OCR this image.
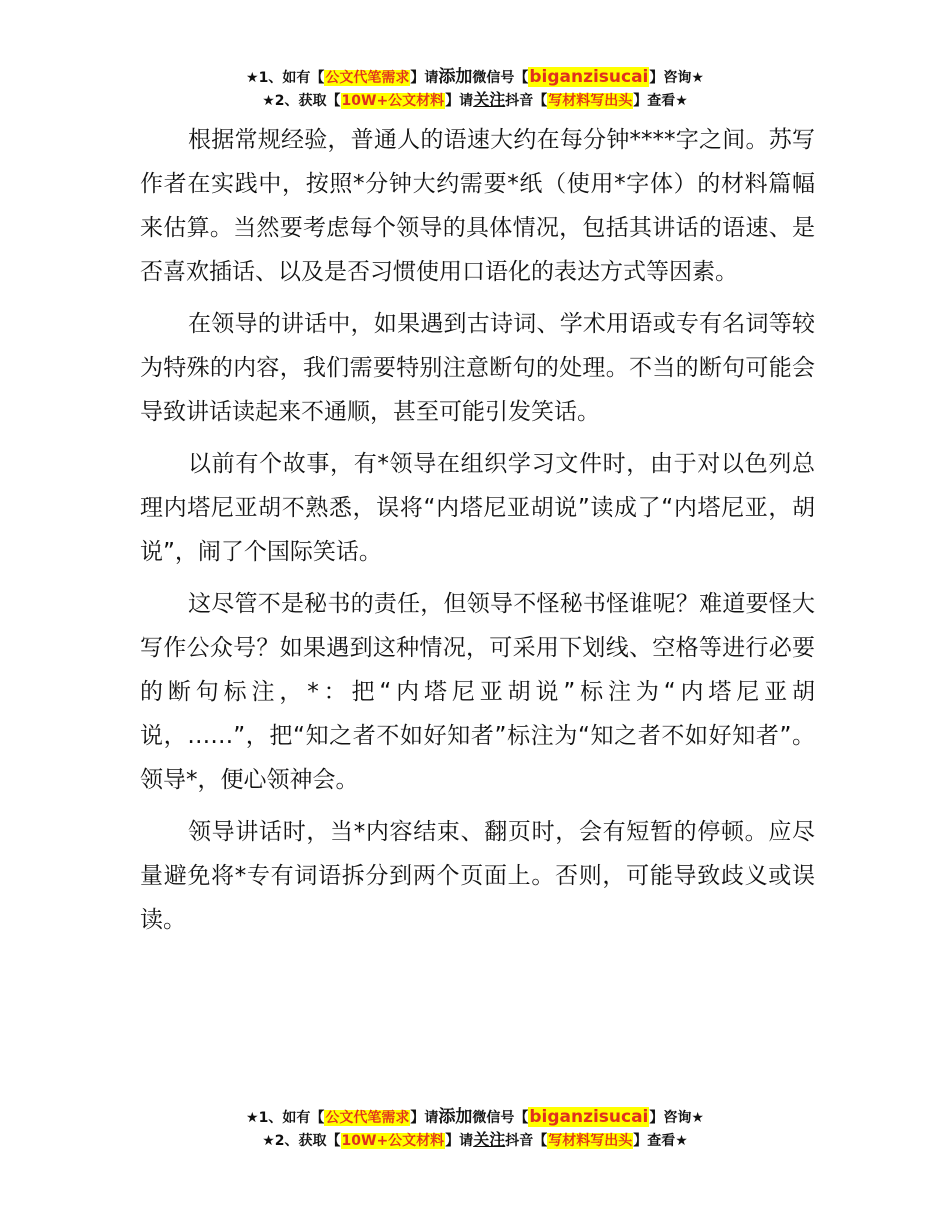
★1、如有【公文代笔需求】请添加微信号【biganzisucai】咨询★
★2、获取【10W+公文材料】请关注抖音【写材料写出头】查看★

根据常规经验，普通人的语速大约在每分钟****字之间。苏写作者在实践中，按照*分钟大约需要*纸（使用*字体）的材料篇幅来估算。当然要考虑每个领导的具体情况，包括其讲话的语速、是否喜欢插话、以及是否习惯使用口语化的表达方式等因素。

在领导的讲话中，如果遇到古诗词、学术用语或专有名词等较为特殊的内容，我们需要特别注意断句的处理。不当的断句可能会导致讲话读起来不通顺，甚至可能引发笑话。

以前有个故事，有*领导在组织学习文件时，由于对以色列总理内塔尼亚胡不熟悉，误将“内塔尼亚胡说”读成了“内塔尼亚，胡说”，闹了个国际笑话。

这尽管不是秘书的责任，但领导不怪秘书怪谁呢？难道要怪大写作公众号？如果遇到这种情况，可采用下划线、空格等进行必要的断句标注，*：把“内塔尼亚胡说”标注为“内塔尼亚胡说，……”，把“知之者不如好知者”标注为“知之者不如好知者”。领导*，便心领神会。

领导讲话时，当*内容结束、翻页时，会有短暂的停顿。应尽量避免将*专有词语拆分到两个页面上。否则，可能导致歧义或误读。

★1、如有【公文代笔需求】请添加微信号【biganzisucai】咨询★
★2、获取【10W+公文材料】请关注抖音【写材料写出头】查看★
